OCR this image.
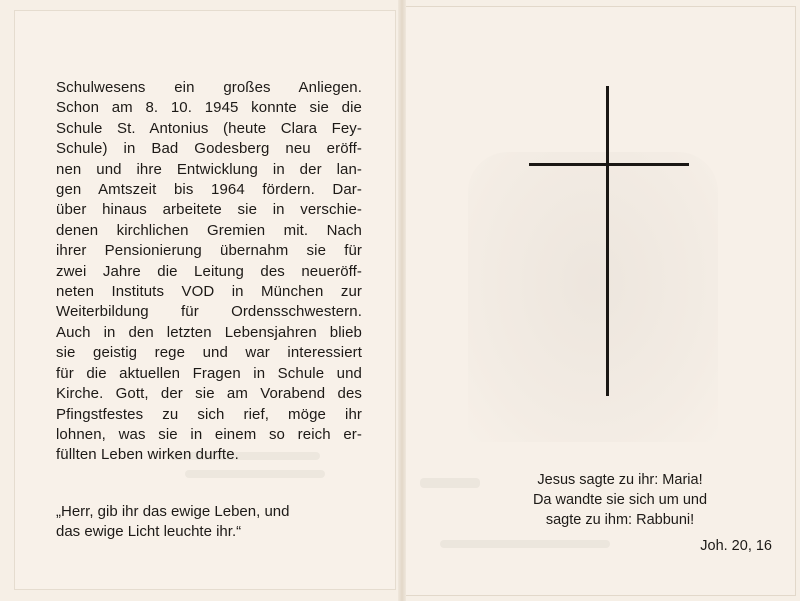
Schulwesens ein großes Anliegen.
Schon am 8. 10. 1945 konnte sie die
Schule St. Antonius (heute Clara Fey-
Schule) in Bad Godesberg neu eröff-
nen und ihre Entwicklung in der lan-
gen Amtszeit bis 1964 fördern. Dar-
über hinaus arbeitete sie in verschie-
denen kirchlichen Gremien mit. Nach
ihrer Pensionierung übernahm sie für
zwei Jahre die Leitung des neueröff-
neten Instituts VOD in München zur
Weiterbildung für Ordensschwestern.
Auch in den letzten Lebensjahren blieb
sie geistig rege und war interessiert
für die aktuellen Fragen in Schule und
Kirche. Gott, der sie am Vorabend des
Pfingstfestes zu sich rief, möge ihr
lohnen, was sie in einem so reich er-
füllten Leben wirken durfte.
„Herr, gib ihr das ewige Leben, und
das ewige Licht leuchte ihr.“
Jesus sagte zu ihr: Maria!
Da wandte sie sich um und
sagte zu ihm: Rabbuni!
Joh. 20, 16
